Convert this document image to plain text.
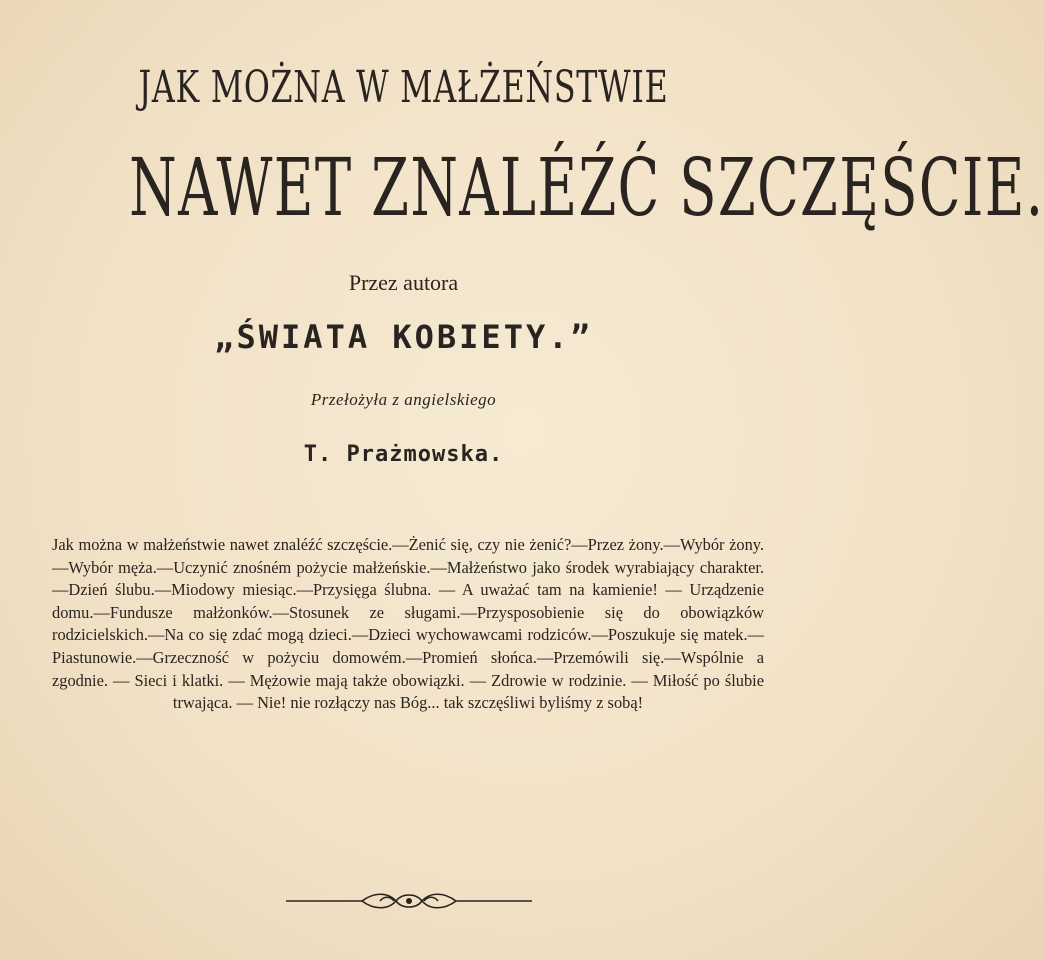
JAK MOŻNA W MAŁŻEŃSTWIE
NAWET ZNALÉŹĆ SZCZĘŚCIE.
Przez autora
„ŚWIATA KOBIETY.”
Przełożyła z angielskiego
T. Prażmowska.
Jak można w małżeństwie nawet znaléźć szczęście.—Żenić się, czy nie żenić?—Przez żony.—Wybór żony.—Wybór męża.—Uczynić znośném pożycie małżeńskie.—Małżeństwo jako środek wyrabiający charakter.—Dzień ślubu.—Miodowy miesiąc.—Przysięga ślubna. — A uważać tam na kamienie! — Urządzenie domu.—Fundusze małżonków.—Stosunek ze sługami.—Przysposobienie się do obowiązków rodzicielskich.—Na co się zdać mogą dzieci.—Dzieci wychowawcami rodziców.—Poszukuje się matek.—Piastunowie.—Grzeczność w pożyciu domowém.—Promień słońca.—Przemówili się.—Wspólnie a zgodnie. — Sieci i klatki. — Mężowie mają także obowiązki. — Zdrowie w rodzinie. — Miłość po ślubie trwająca. — Nie! nie rozłączy nas Bóg... tak szczęśliwi byliśmy z sobą!
